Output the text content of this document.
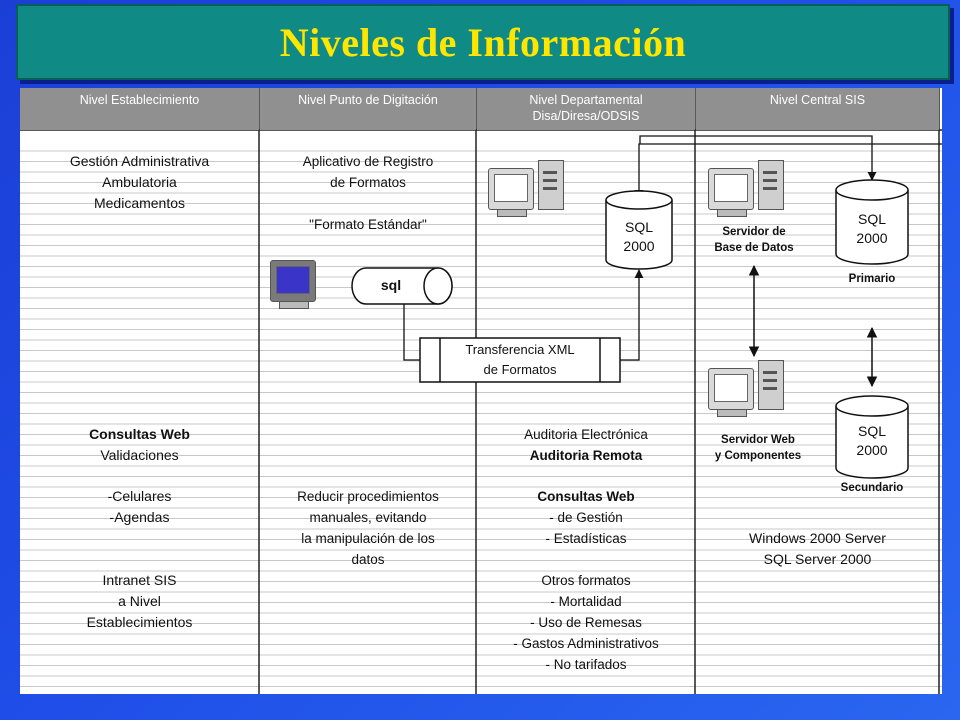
Niveles de Información
Nivel Establecimiento	Nivel Punto de Digitación	Nivel Departamental
Disa/Diresa/ODSIS
Nivel Central SIS
Gestión Administrativa
Ambulatoria
Medicamentos
Consultas Web
Validaciones
-Celulares
-Agendas
Intranet SIS
a Nivel
Establecimientos
Aplicativo de Registro
de Formatos
"Formato Estándar"
sql
Reducir procedimientos
manuales, evitando
la manipulación de los
datos
Transferencia XML
de Formatos
SQL
2000
Auditoria Electrónica
Auditoria Remota
Consultas Web
- de Gestión
- Estadísticas
Otros formatos
- Mortalidad
- Uso de Remesas
- Gastos Administrativos
- No tarifados
Servidor de
Base de Datos
SQL
2000
Primario
Servidor Web
y Componentes
SQL
2000
Secundario
Windows 2000 Server
SQL Server 2000
